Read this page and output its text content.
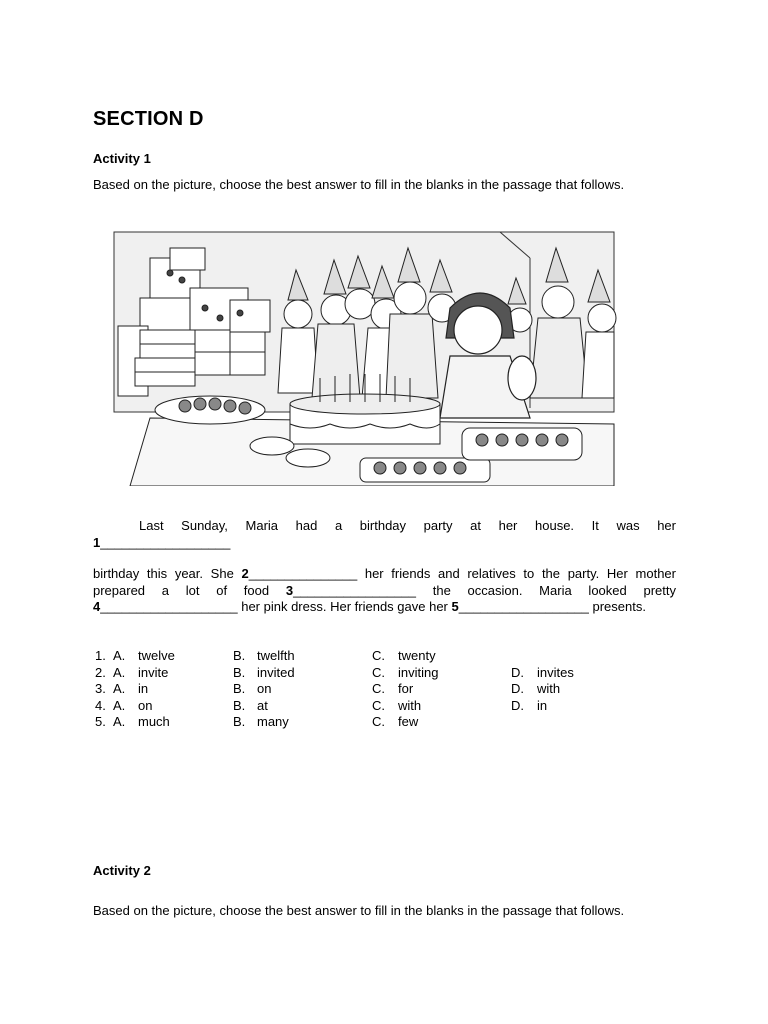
SECTION D
Activity 1

Based on the picture, choose the best answer to fill in the blanks in the passage that follows.

Last Sunday, Maria had a birthday party at her house. It was her

1__________________

birthday this year. She 2_______________ her friends and relatives to the party. Her mother prepared a lot of food 3_________________ the occasion. Maria looked pretty 4___________________ her pink dress. Her friends gave her 5__________________ presents.

1. A. twelve	B. twelfth	C. twenty
2. A. invite	B. invited	C. inviting	D. invites
3. A. in	B. on	C. for	D. with
4. A. on	B. at	C. with	D. in
5. A. much	B. many	C. few
Activity 2

Based on the picture, choose the best answer to fill in the blanks in the passage that follows.
